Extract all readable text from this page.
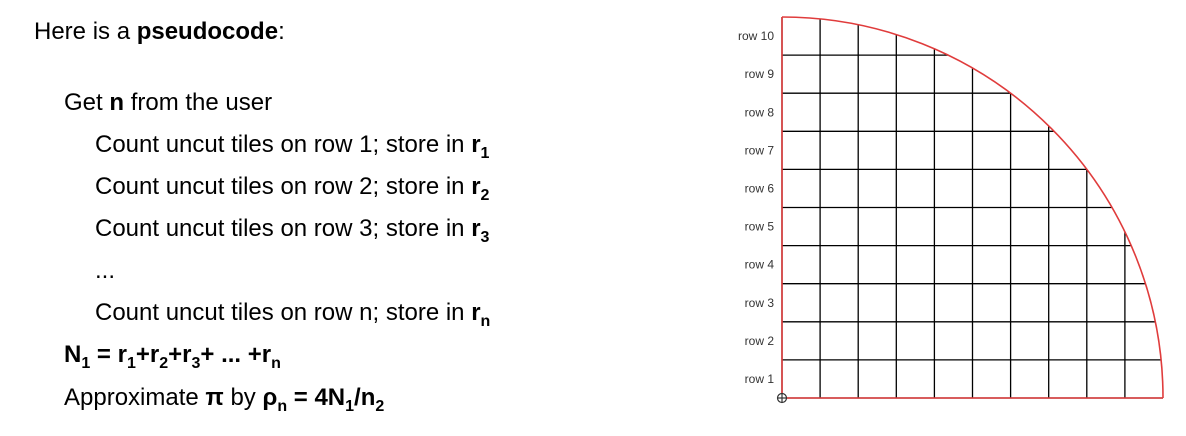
Here is a pseudocode:
Get n from the user
Count uncut tiles on row 1; store in $r_1$
Count uncut tiles on row 2; store in $r_2$
Count uncut tiles on row 3; store in $r_3$
...
Count uncut tiles on row n; store in $r_n$
$N_1 = r_1+r_2+r_3+$ ... $+r_n$
Approximate π by $\rho_n = 4N_1/n_2$
row 1
row 2
row 3
row 4
row 5
row 6
row 7
row 8
row 9
row 10
